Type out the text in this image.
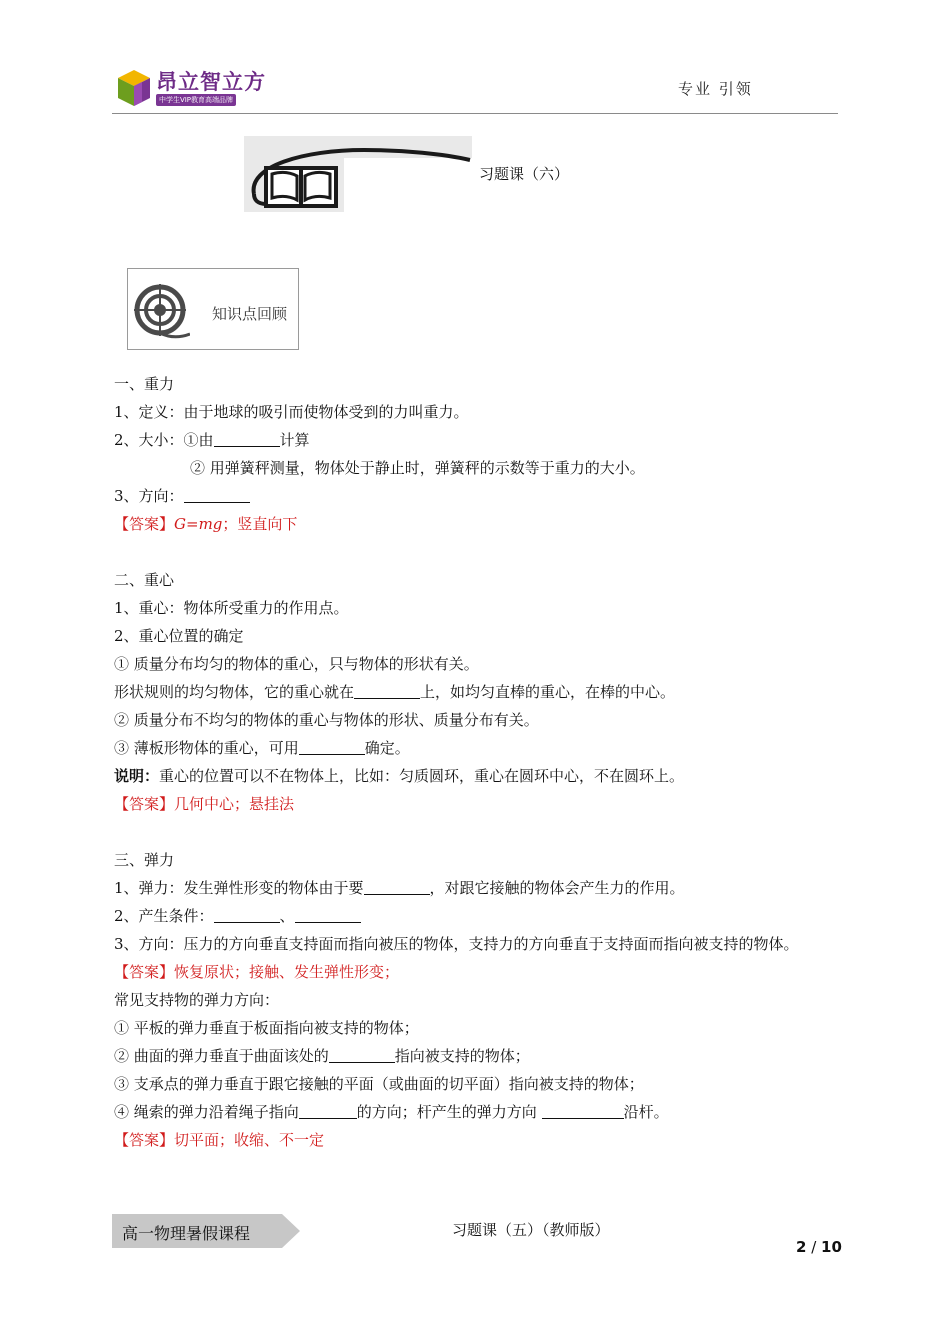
昂立智立方
中学生VIP教育高端品牌
专业 引领
习题课（六）
知识点回顾
一、重力
1、定义：由于地球的吸引而使物体受到的力叫重力。
2、大小：①由	计算
② 用弹簧秤测量，物体处于静止时，弹簧秤的示数等于重力的大小。
3、方向：
【答案】G=mg；竖直向下
二、重心
1、重心：物体所受重力的作用点。
2、重心位置的确定
① 质量分布均匀的物体的重心，只与物体的形状有关。
形状规则的均匀物体，它的重心就在	上，如均匀直棒的重心，在棒的中心。
② 质量分布不均匀的物体的重心与物体的形状、质量分布有关。
③ 薄板形物体的重心，可用	确定。
说明：重心的位置可以不在物体上，比如：匀质圆环，重心在圆环中心，不在圆环上。
【答案】几何中心；悬挂法
三、弹力
1、弹力：发生弹性形变的物体由于要	，对跟它接触的物体会产生力的作用。
2、产生条件：	、
3、方向：压力的方向垂直支持面而指向被压的物体，支持力的方向垂直于支持面而指向被支持的物体。
【答案】恢复原状；接触、发生弹性形变；
常见支持物的弹力方向：
① 平板的弹力垂直于板面指向被支持的物体；
② 曲面的弹力垂直于曲面该处的	指向被支持的物体；
③ 支承点的弹力垂直于跟它接触的平面（或曲面的切平面）指向被支持的物体；
④ 绳索的弹力沿着绳子指向	的方向；杆产生的弹力方向	沿杆。
【答案】切平面；收缩、不一定
高一物理暑假课程	习题课（五）（教师版）
2 / 10
